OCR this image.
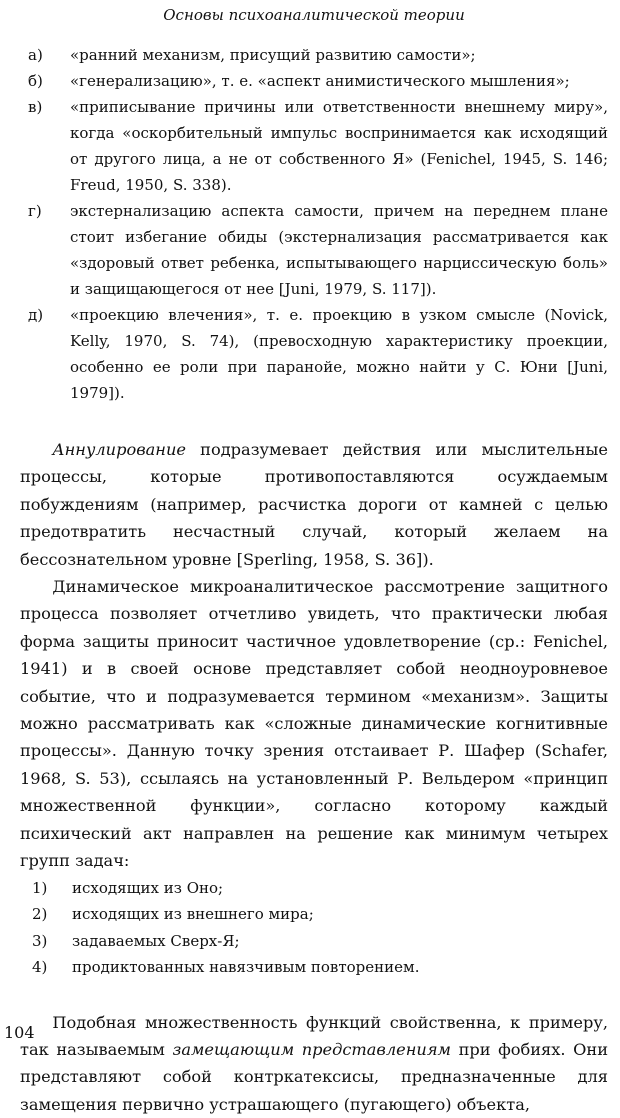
Основы психоаналитической теории
а) «ранний механизм, присущий развитию самости»;
б) «генерализацию», т. е. «аспект анимистического мышления»;
в) «приписывание причины или ответственности внешнему миру», когда «оскорбительный импульс воспринимается как исходящий от другого лица, а не от собственного Я» (Fenichel, 1945, S. 146; Freud, 1950, S. 338).
г) экстернализацию аспекта самости, причем на переднем плане стоит избегание обиды (экстернализация рассматривается как «здоровый ответ ребенка, испытывающего нарциссическую боль» и защищающегося от нее [Juni, 1979, S. 117]).
д) «проекцию влечения», т. е. проекцию в узком смысле (Novick, Kelly, 1970, S. 74), (превосходную характеристику проекции, особенно ее роли при паранойе, можно найти у С. Юни [Juni, 1979]).

Аннулирование подразумевает действия или мыслительные процессы, которые противопоставляются осуждаемым побуждениям (например, расчистка дороги от камней с целью предотвратить несчастный случай, который желаем на бессознательном уровне [Sperling, 1958, S. 36]).

Динамическое микроаналитическое рассмотрение защитного процесса позволяет отчетливо увидеть, что практически любая форма защиты приносит частичное удовлетворение (ср.: Fenichel, 1941) и в своей основе представляет собой неодноуровневое событие, что и подразумевается термином «механизм». Защиты можно рассматривать как «сложные динамические когнитивные процессы». Данную точку зрения отстаивает Р. Шафер (Schafer, 1968, S. 53), ссылаясь на установленный Р. Вельдером «принцип множественной функции», согласно которому каждый психический акт направлен на решение как минимум четырех групп задач:

1) исходящих из Оно;
2) исходящих из внешнего мира;
3) задаваемых Сверх-Я;
4) продиктованных навязчивым повторением.

Подобная множественность функций свойственна, к примеру, так называемым замещающим представлениям при фобиях. Они представляют собой контркатексисы, предназначенные для замещения первично устрашающего (пугающего) объекта,

104
